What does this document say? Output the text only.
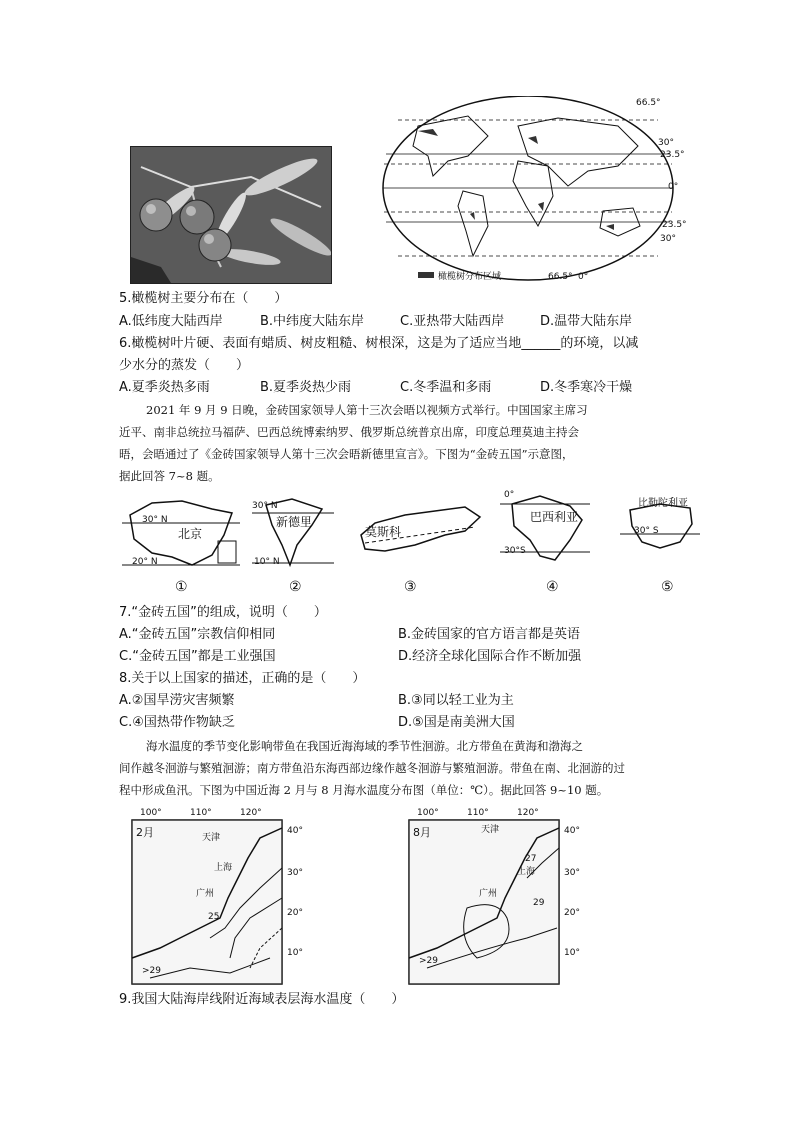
橄榄树分布区域
66.5°
30°
23.5°
0°
23.5°
30°
66.5° 0°
5.橄榄树主要分布在（　　）
A.低纬度大陆西岸	B.中纬度大陆东岸	C.亚热带大陆西岸	D.温带大陆东岸
6.橄榄树叶片硬、表面有蜡质、树皮粗糙、树根深，这是为了适应当地______的环境，以减
少水分的蒸发（　　）
A.夏季炎热多雨	B.夏季炎热少雨	C.冬季温和多雨	D.冬季寒冷干燥
2021 年 9 月 9 日晚，金砖国家领导人第十三次会晤以视频方式举行。中国国家主席习
近平、南非总统拉马福萨、巴西总统博索纳罗、俄罗斯总统普京出席，印度总理莫迪主持会
晤，会晤通过了《金砖国家领导人第十三次会晤新德里宣言》。下图为“金砖五国”示意图，
据此回答 7~8 题。
北京
30° N
20° N
新德里
30° N
10° N
莫斯科
巴西利亚
0°
30°S
比勒陀利亚
30° S
①	②	③	④	⑤
7.“金砖五国”的组成，说明（　　）
A.“金砖五国”宗教信仰相同	B.金砖国家的官方语言都是英语
C.“金砖五国”都是工业强国	D.经济全球化国际合作不断加强
8.关于以上国家的描述，正确的是（　　）
A.②国旱涝灾害频繁	B.③同以轻工业为主
C.④国热带作物缺乏	D.⑤国是南美洲大国
海水温度的季节变化影响带鱼在我国近海海域的季节性洄游。北方带鱼在黄海和渤海之
间作越冬洄游与繁殖洄游；南方带鱼沿东海西部边缘作越冬洄游与繁殖洄游。带鱼在南、北洄游的过
程中形成鱼汛。下图为中国近海 2 月与 8 月海水温度分布图（单位：℃）。据此回答 9~10 题。
2月
100°	110°	120°
40°
30°
20°
10°
天津
上海
广州
25
>29
8月
100°	110°	120°
40°
30°
20°
10°
天津
上海
广州
27
29
>29
9.我国大陆海岸线附近海域表层海水温度（　　）
